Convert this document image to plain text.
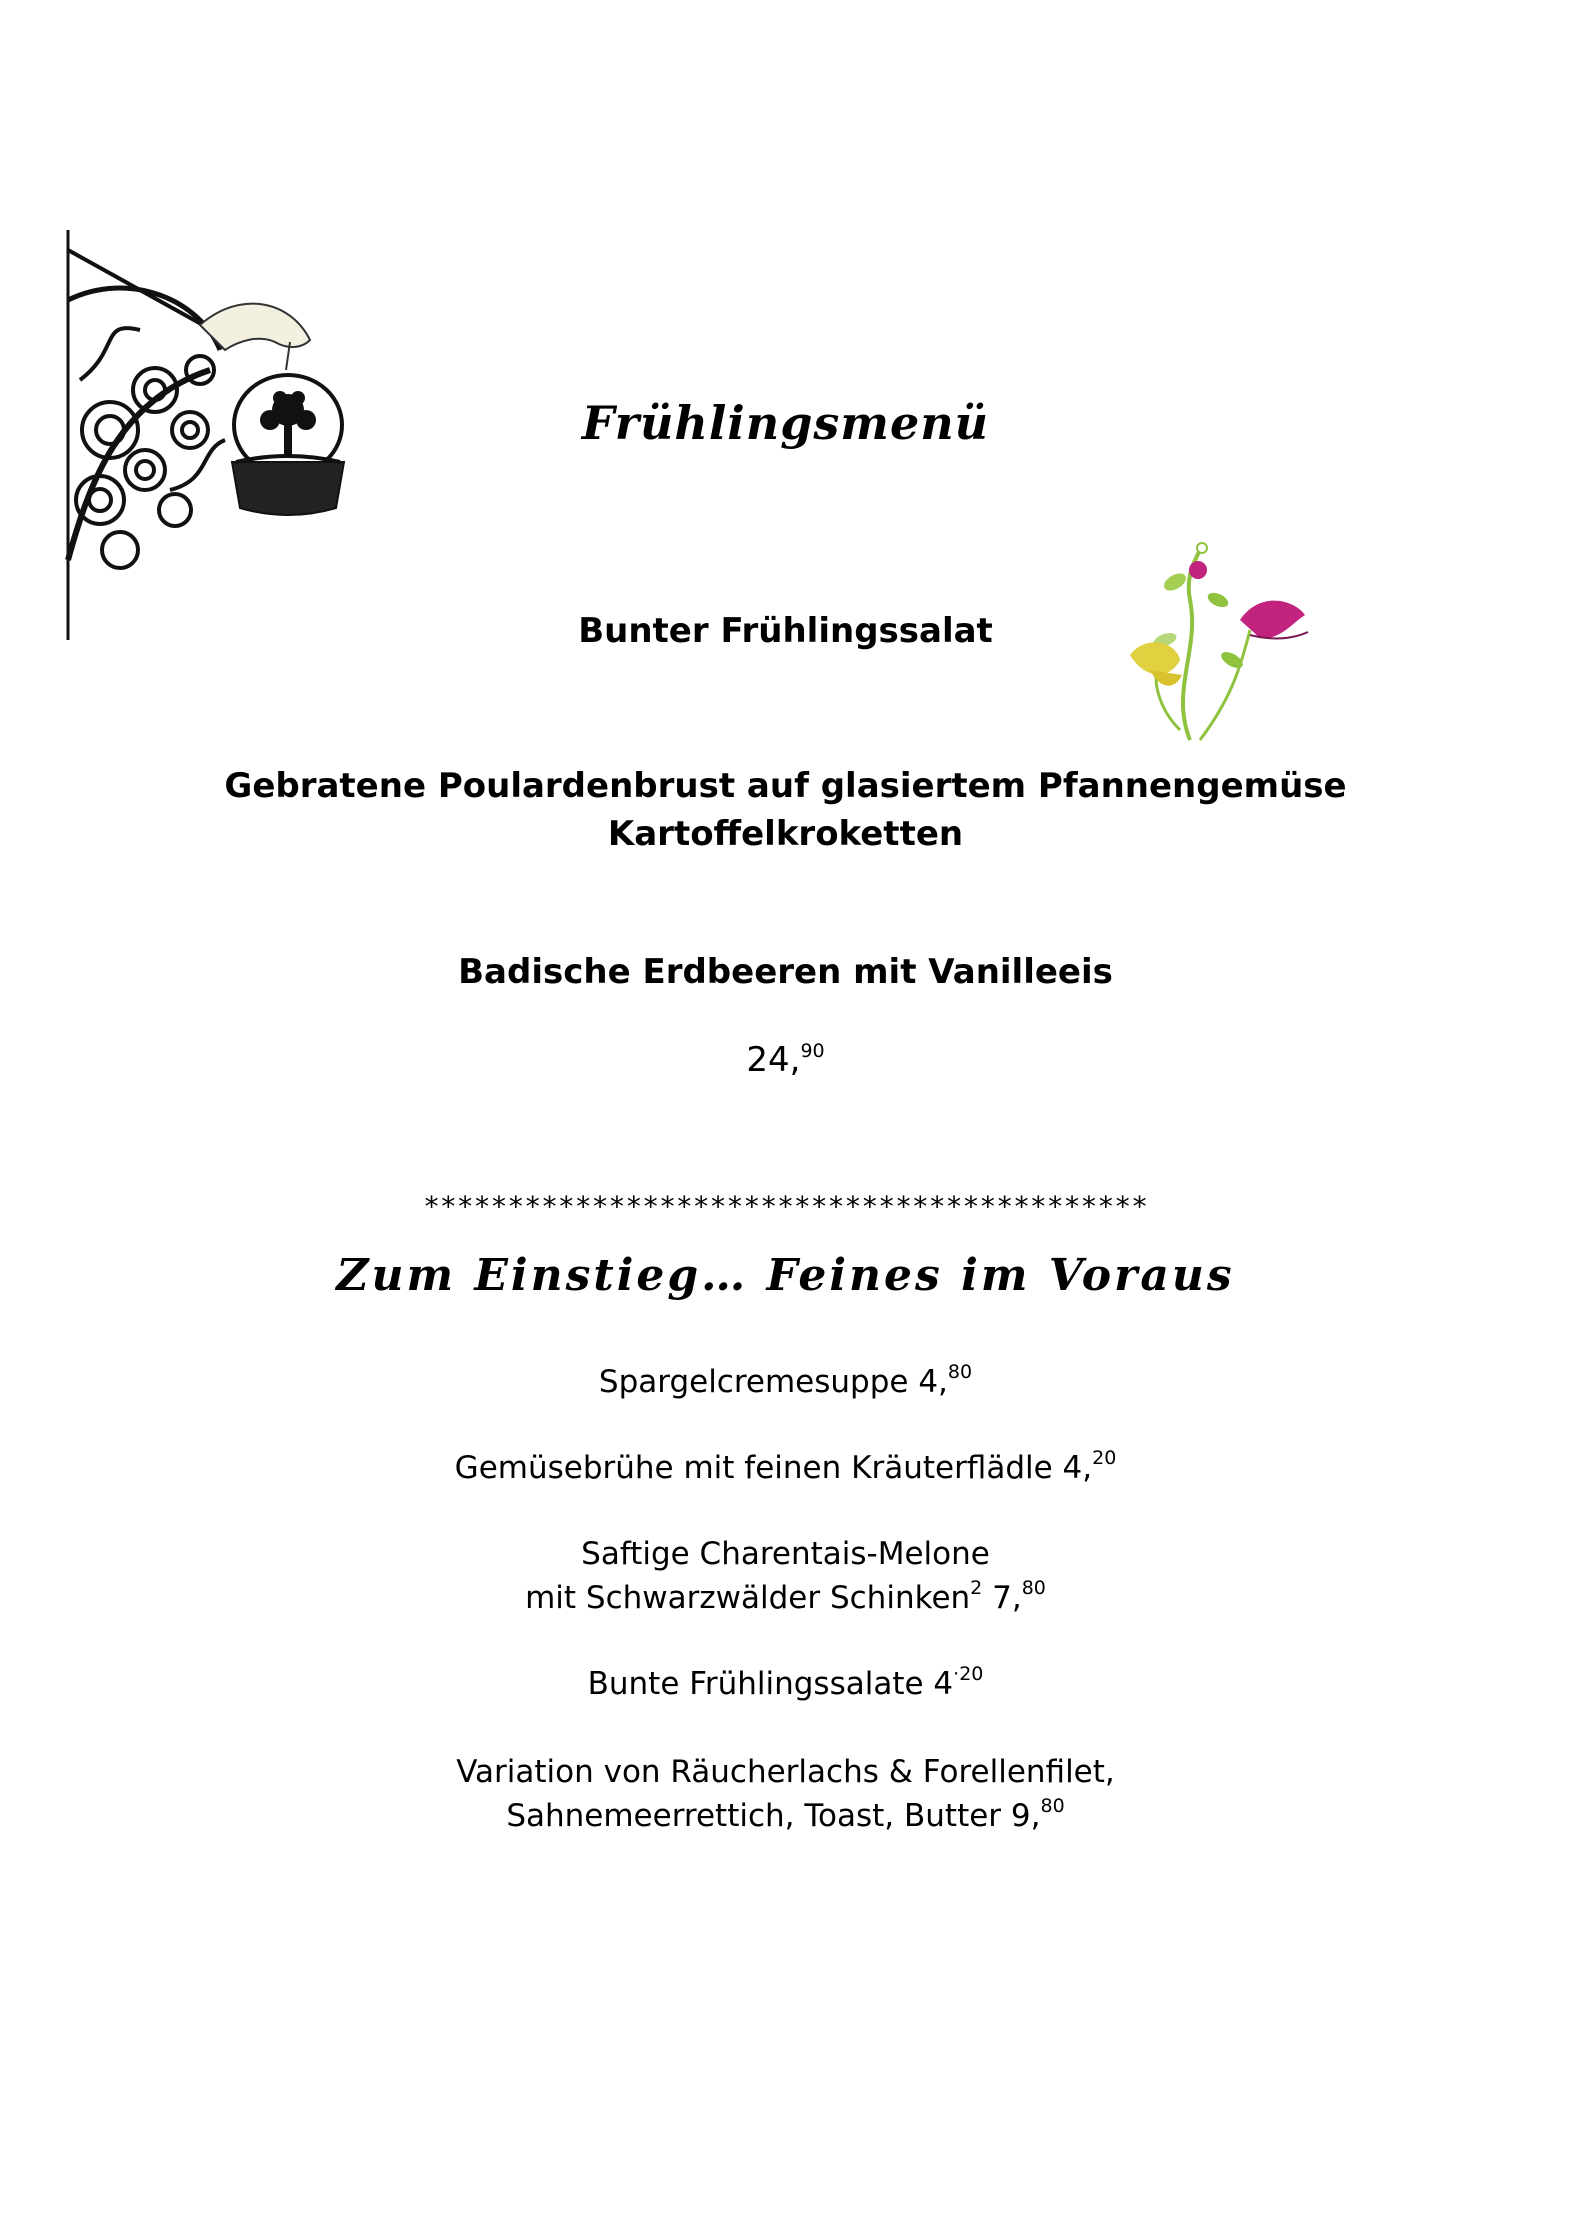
Frühlingsmenü
Bunter Frühlingssalat
Gebratene Poulardenbrust auf glasiertem Pfannengemüse
Kartoffelkroketten
Badische Erdbeeren mit Vanilleeis
24,90
*******************************************
Zum Einstieg… Feines im Voraus
Spargelcremesuppe 4,80
Gemüsebrühe mit feinen Kräuterflädle 4,20
Saftige Charentais-Melone
mit Schwarzwälder Schinken$^2$ 7,80
Bunte Frühlingssalate $4^{\cdot 20}$
Variation von Räucherlachs & Forellenfilet,
Sahnemeerrettich, Toast, Butter 9,80
